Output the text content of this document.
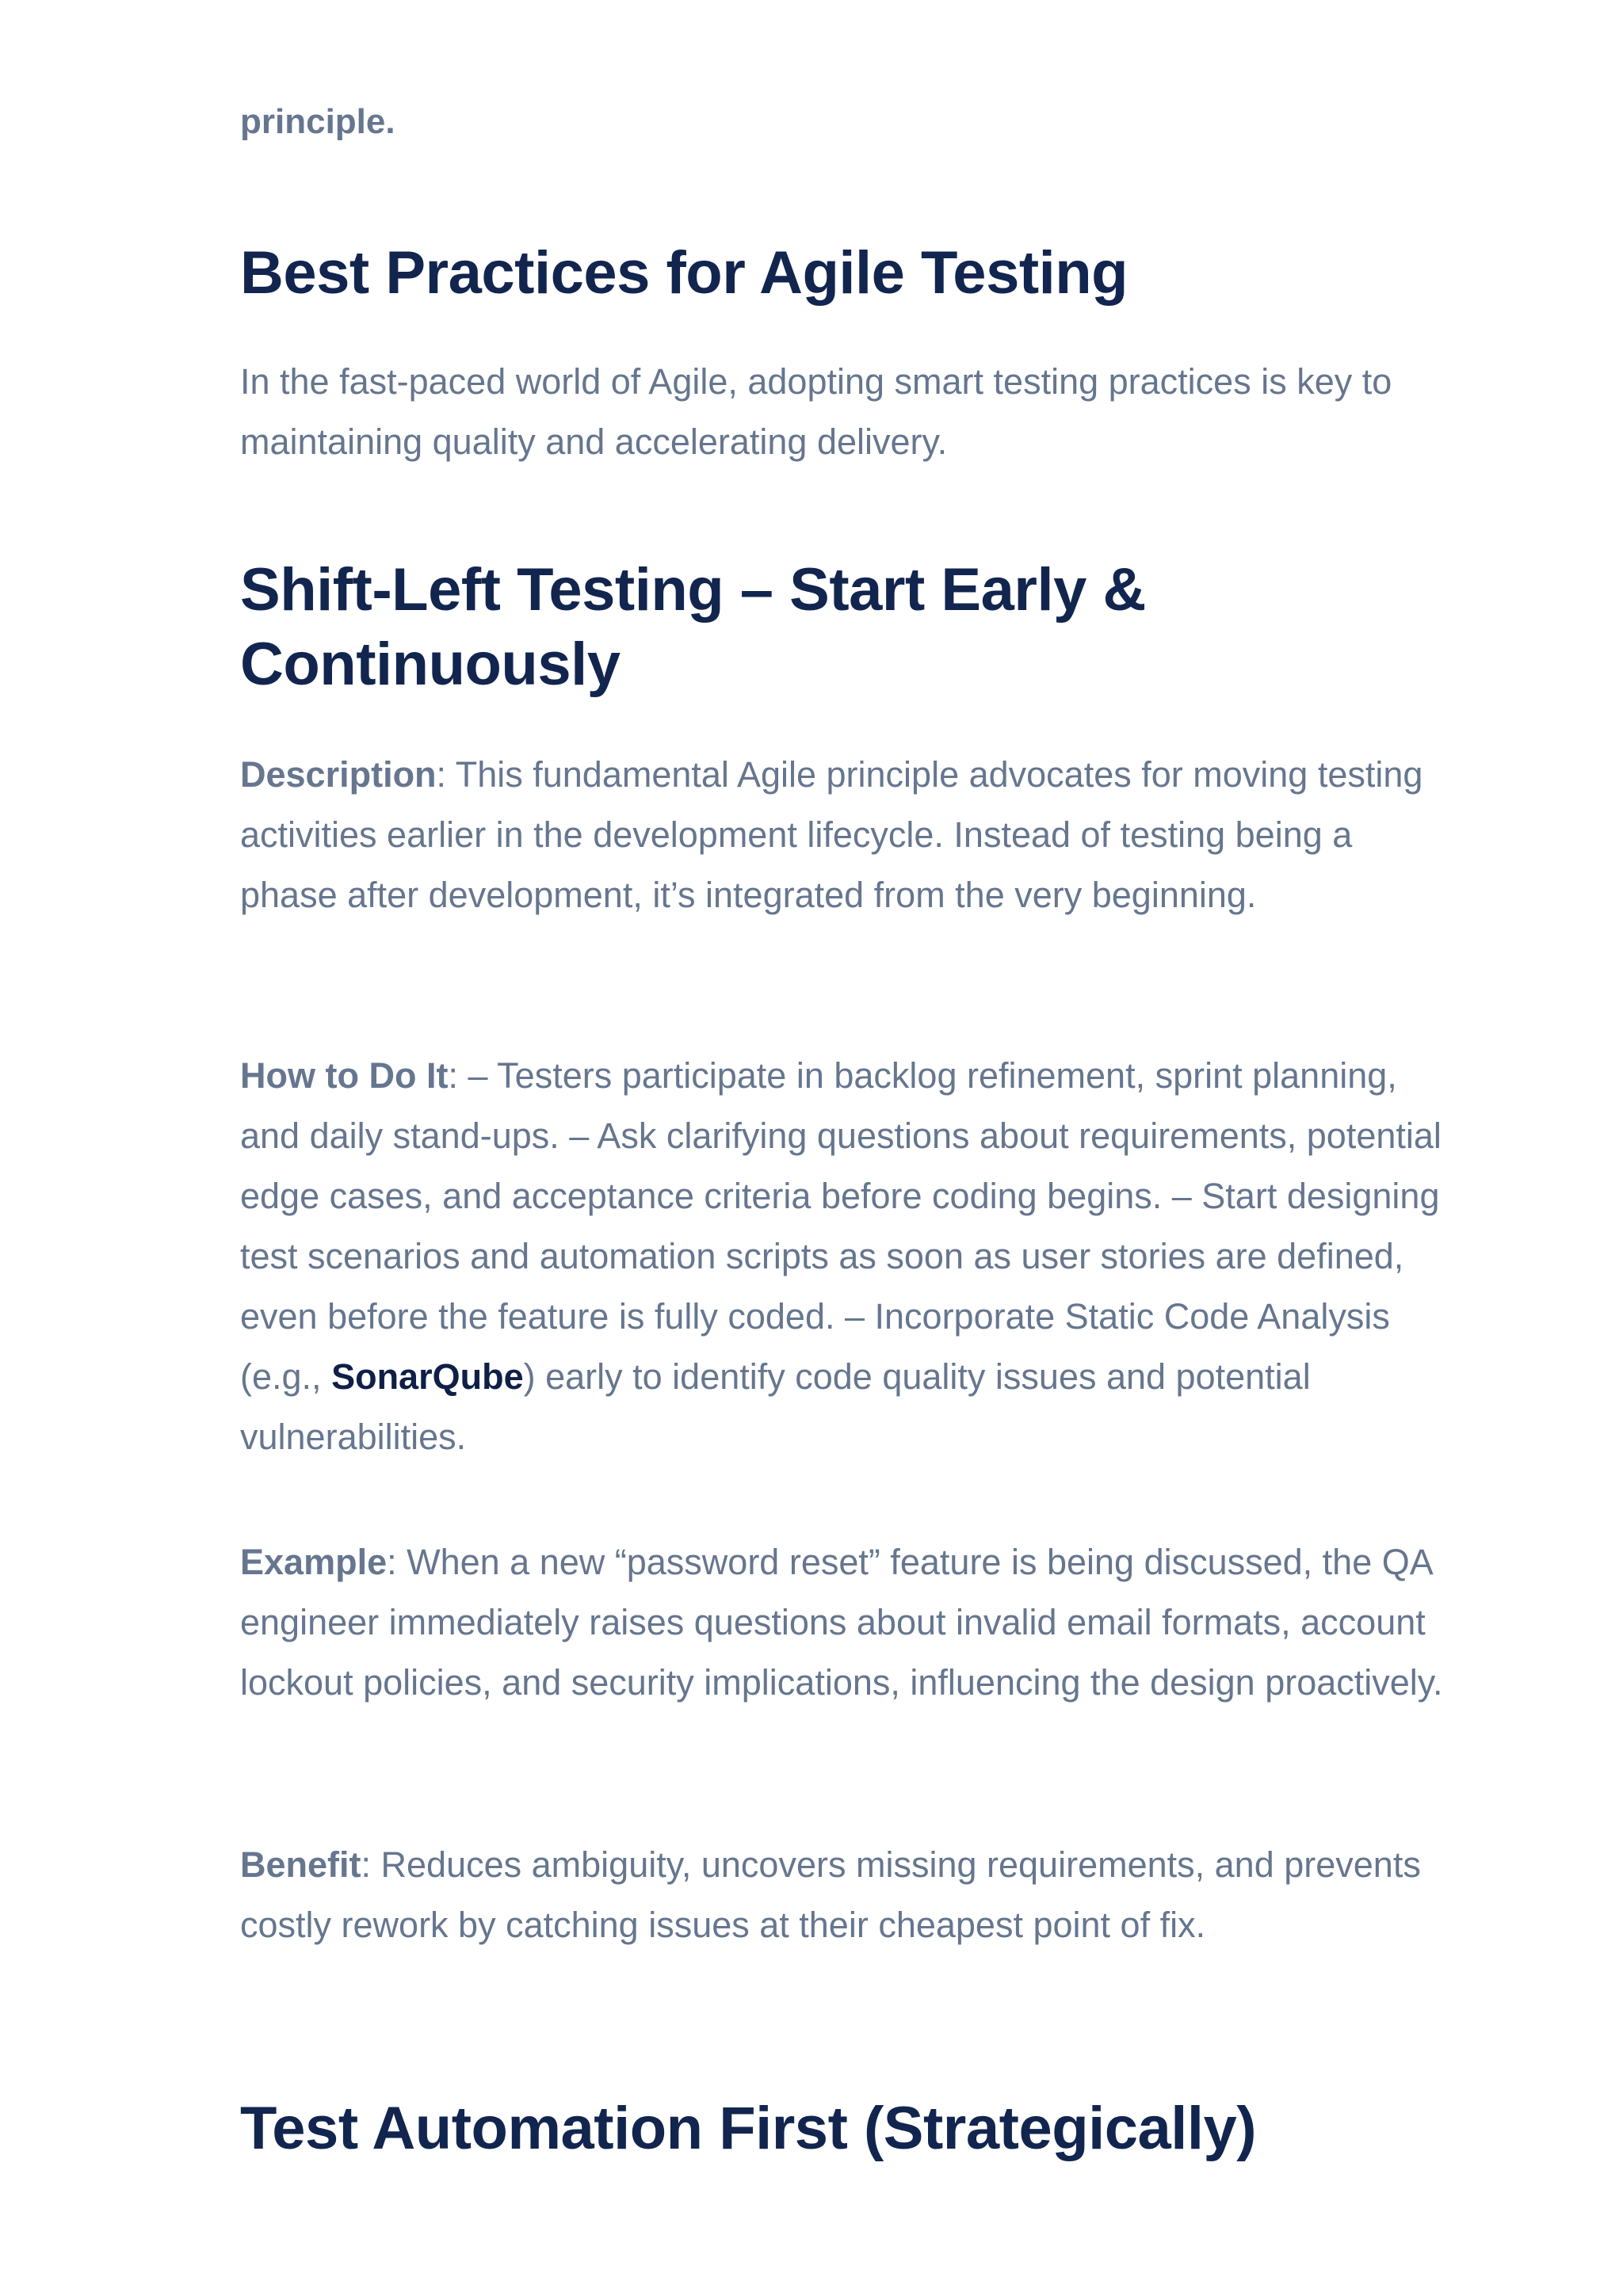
principle.

Best Practices for Agile Testing

In the fast-paced world of Agile, adopting smart testing practices is key to maintaining quality and accelerating delivery.

Shift-Left Testing – Start Early & Continuously

Description: This fundamental Agile principle advocates for moving testing activities earlier in the development lifecycle. Instead of testing being a phase after development, it’s integrated from the very beginning.

How to Do It: – Testers participate in backlog refinement, sprint planning, and daily stand-ups. – Ask clarifying questions about requirements, potential edge cases, and acceptance criteria before coding begins. – Start designing test scenarios and automation scripts as soon as user stories are defined, even before the feature is fully coded. – Incorporate Static Code Analysis (e.g., SonarQube) early to identify code quality issues and potential vulnerabilities.

Example: When a new “password reset” feature is being discussed, the QA engineer immediately raises questions about invalid email formats, account lockout policies, and security implications, influencing the design proactively.

Benefit: Reduces ambiguity, uncovers missing requirements, and prevents costly rework by catching issues at their cheapest point of fix.

Test Automation First (Strategically)
